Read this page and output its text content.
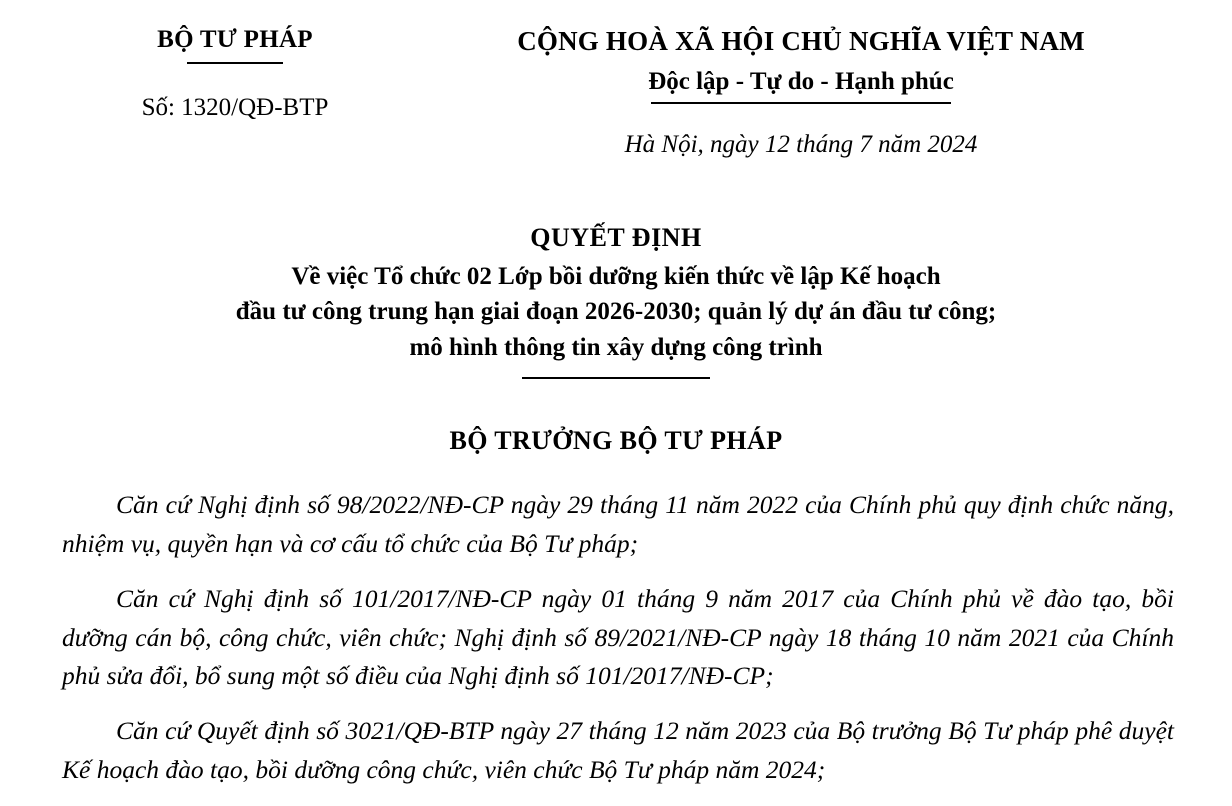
BỘ TƯ PHÁP
Số: 1320/QĐ-BTP
CỘNG HOÀ XÃ HỘI CHỦ NGHĨA VIỆT NAM
Độc lập - Tự do - Hạnh phúc
Hà Nội, ngày 12 tháng 7 năm 2024
QUYẾT ĐỊNH
Về việc Tổ chức 02 Lớp bồi dưỡng kiến thức về lập Kế hoạch
đầu tư công trung hạn giai đoạn 2026-2030; quản lý dự án đầu tư công;
mô hình thông tin xây dựng công trình
BỘ TRƯỞNG BỘ TƯ PHÁP

Căn cứ Nghị định số 98/2022/NĐ-CP ngày 29 tháng 11 năm 2022 của Chính phủ quy định chức năng, nhiệm vụ, quyền hạn và cơ cấu tổ chức của Bộ Tư pháp;

Căn cứ Nghị định số 101/2017/NĐ-CP ngày 01 tháng 9 năm 2017 của Chính phủ về đào tạo, bồi dưỡng cán bộ, công chức, viên chức; Nghị định số 89/2021/NĐ-CP ngày 18 tháng 10 năm 2021 của Chính phủ sửa đổi, bổ sung một số điều của Nghị định số 101/2017/NĐ-CP;

Căn cứ Quyết định số 3021/QĐ-BTP ngày 27 tháng 12 năm 2023 của Bộ trưởng Bộ Tư pháp phê duyệt Kế hoạch đào tạo, bồi dưỡng công chức, viên chức Bộ Tư pháp năm 2024;
